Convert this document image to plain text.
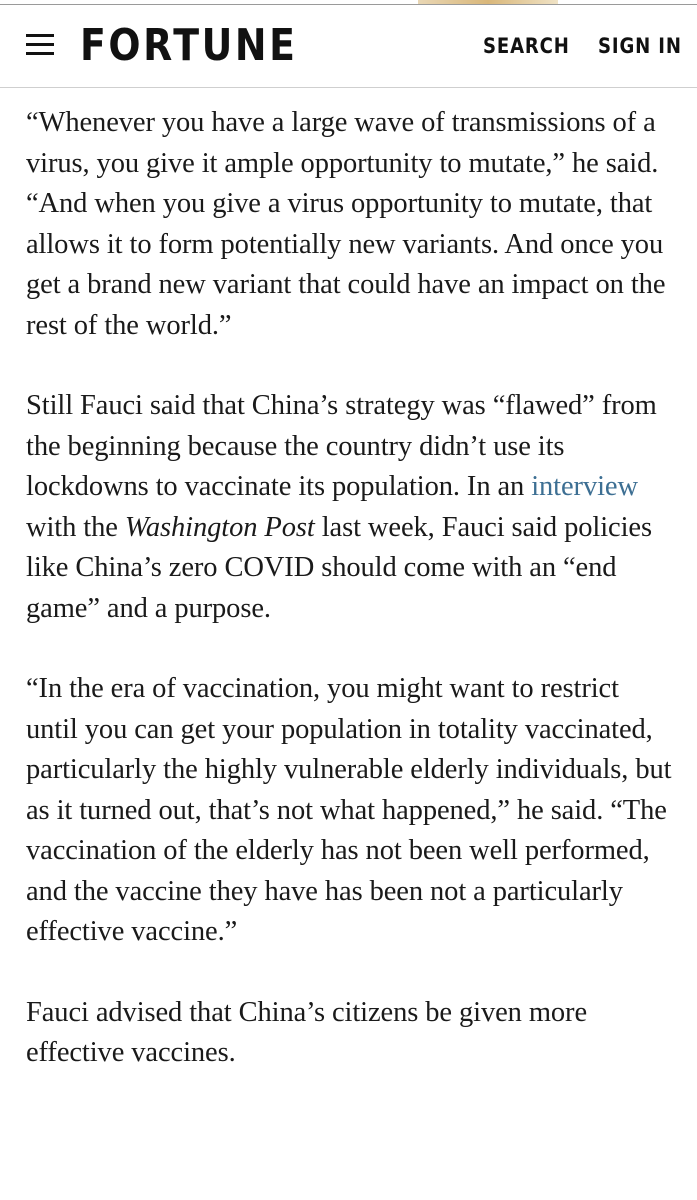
FORTUNE	SEARCH SIGN IN

“Whenever you have a large wave of transmissions of a virus, you give it ample opportunity to mutate,” he said. “And when you give a virus opportunity to mutate, that allows it to form potentially new variants. And once you get a brand new variant that could have an impact on the rest of the world.”

Still Fauci said that China’s strategy was “flawed” from the beginning because the country didn’t use its lockdowns to vaccinate its population. In an interview with the Washington Post last week, Fauci said policies like China’s zero COVID should come with an “end game” and a purpose.

“In the era of vaccination, you might want to restrict until you can get your population in totality vaccinated, particularly the highly vulnerable elderly individuals, but as it turned out, that’s not what happened,” he said. “The vaccination of the elderly has not been well performed, and the vaccine they have has been not a particularly effective vaccine.”

Fauci advised that China’s citizens be given more effective vaccines.
